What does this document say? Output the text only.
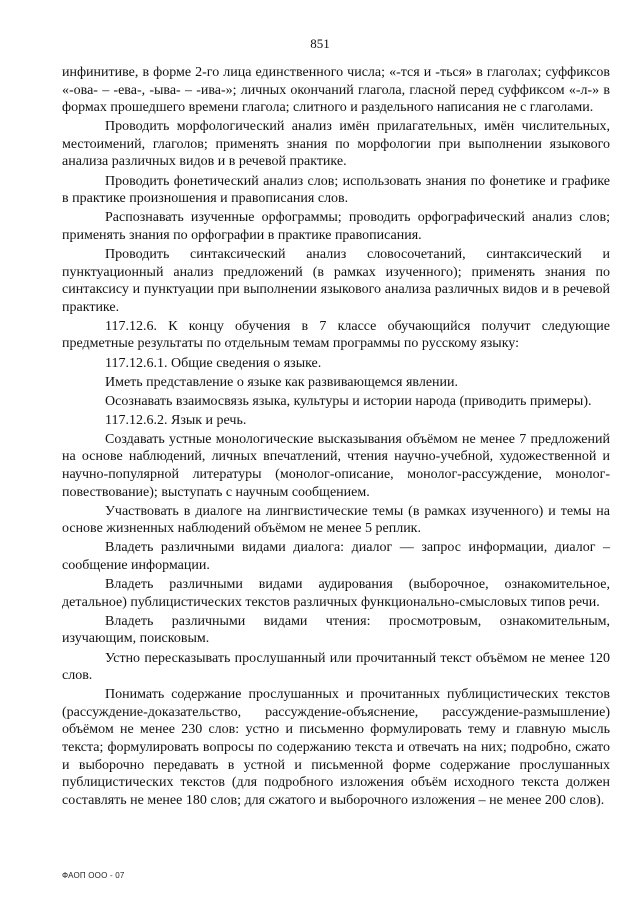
851

инфинитиве, в форме 2-го лица единственного числа; «-тся и -ться» в глаголах; суффиксов «-ова- – -ева-, -ыва- – -ива-»; личных окончаний глагола, гласной перед суффиксом «-л-» в формах прошедшего времени глагола; слитного и раздельного написания не с глаголами.

Проводить морфологический анализ имён прилагательных, имён числительных, местоимений, глаголов; применять знания по морфологии при выполнении языкового анализа различных видов и в речевой практике.

Проводить фонетический анализ слов; использовать знания по фонетике и графике в практике произношения и правописания слов.

Распознавать изученные орфограммы; проводить орфографический анализ слов; применять знания по орфографии в практике правописания.

Проводить синтаксический анализ словосочетаний, синтаксический и пунктуационный анализ предложений (в рамках изученного); применять знания по синтаксису и пунктуации при выполнении языкового анализа различных видов и в речевой практике.

117.12.6. К концу обучения в 7 классе обучающийся получит следующие предметные результаты по отдельным темам программы по русскому языку:

117.12.6.1. Общие сведения о языке.

Иметь представление о языке как развивающемся явлении.

Осознавать взаимосвязь языка, культуры и истории народа (приводить примеры).

117.12.6.2. Язык и речь.

Создавать устные монологические высказывания объёмом не менее 7 предложений на основе наблюдений, личных впечатлений, чтения научно-учебной, художественной и научно-популярной литературы (монолог-описание, монолог-рассуждение, монолог-повествование); выступать с научным сообщением.

Участвовать в диалоге на лингвистические темы (в рамках изученного) и темы на основе жизненных наблюдений объёмом не менее 5 реплик.

Владеть различными видами диалога: диалог — запрос информации, диалог – сообщение информации.

Владеть различными видами аудирования (выборочное, ознакомительное, детальное) публицистических текстов различных функционально-смысловых типов речи.

Владеть различными видами чтения: просмотровым, ознакомительным, изучающим, поисковым.

Устно пересказывать прослушанный или прочитанный текст объёмом не менее 120 слов.

Понимать содержание прослушанных и прочитанных публицистических текстов (рассуждение-доказательство, рассуждение-объяснение, рассуждение-размышление) объёмом не менее 230 слов: устно и письменно формулировать тему и главную мысль текста; формулировать вопросы по содержанию текста и отвечать на них; подробно, сжато и выборочно передавать в устной и письменной форме содержание прослушанных публицистических текстов (для подробного изложения объём исходного текста должен составлять не менее 180 слов; для сжатого и выборочного изложения – не менее 200 слов).

ФАОП ООО - 07
